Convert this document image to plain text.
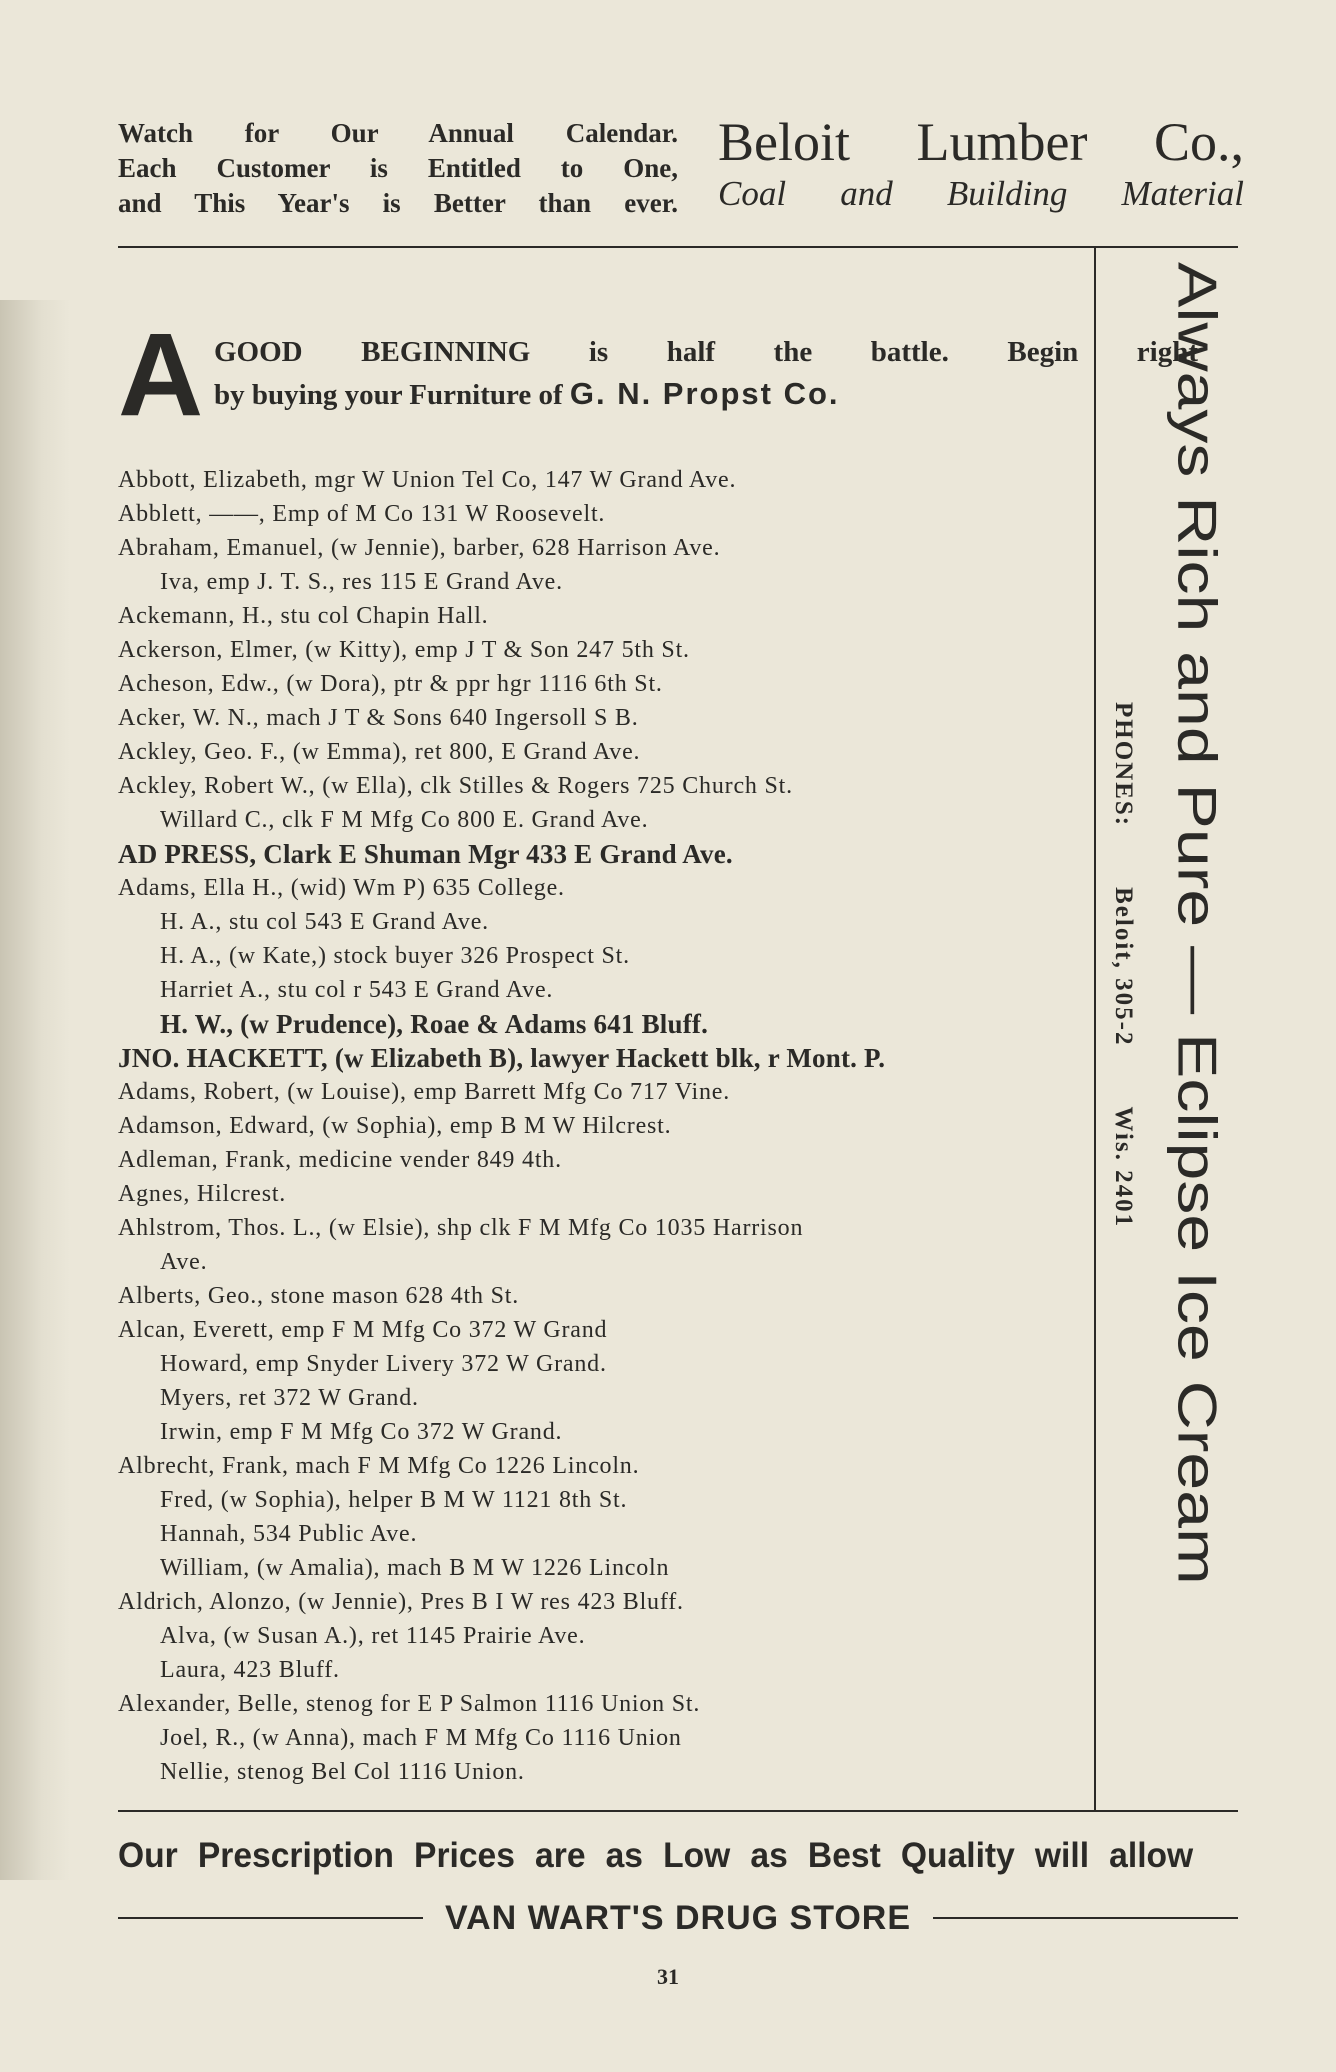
Watch for Our Annual Calendar.
Each Customer is Entitled to One,
and This Year's is Better than ever.
Beloit Lumber Co.,
Coal and Building Material
A GOOD BEGINNING is half the battle. Begin right
by buying your Furniture of G. N. Propst Co.
Abbott, Elizabeth, mgr W Union Tel Co, 147 W Grand Ave.
Abblett, ——, Emp of M Co 131 W Roosevelt.
Abraham, Emanuel, (w Jennie), barber, 628 Harrison Ave.
Iva, emp J. T. S., res 115 E Grand Ave.
Ackemann, H., stu col Chapin Hall.
Ackerson, Elmer, (w Kitty), emp J T & Son 247 5th St.
Acheson, Edw., (w Dora), ptr & ppr hgr 1116 6th St.
Acker, W. N., mach J T & Sons 640 Ingersoll S B.
Ackley, Geo. F., (w Emma), ret 800, E Grand Ave.
Ackley, Robert W., (w Ella), clk Stilles & Rogers 725 Church St.
Willard C., clk F M Mfg Co 800 E. Grand Ave.
AD PRESS, Clark E Shuman Mgr 433 E Grand Ave.
Adams, Ella H., (wid) Wm P) 635 College.
H. A., stu col 543 E Grand Ave.
H. A., (w Kate,) stock buyer 326 Prospect St.
Harriet A., stu col r 543 E Grand Ave.
H. W., (w Prudence), Roae & Adams 641 Bluff.
JNO. HACKETT, (w Elizabeth B), lawyer Hackett blk, r Mont. P.
Adams, Robert, (w Louise), emp Barrett Mfg Co 717 Vine.
Adamson, Edward, (w Sophia), emp B M W Hilcrest.
Adleman, Frank, medicine vender 849 4th.
Agnes, Hilcrest.
Ahlstrom, Thos. L., (w Elsie), shp clk F M Mfg Co 1035 Harrison
Ave.
Alberts, Geo., stone mason 628 4th St.
Alcan, Everett, emp F M Mfg Co 372 W Grand
Howard, emp Snyder Livery 372 W Grand.
Myers, ret 372 W Grand.
Irwin, emp F M Mfg Co 372 W Grand.
Albrecht, Frank, mach F M Mfg Co 1226 Lincoln.
Fred, (w Sophia), helper B M W 1121 8th St.
Hannah, 534 Public Ave.
William, (w Amalia), mach B M W 1226 Lincoln
Aldrich, Alonzo, (w Jennie), Pres B I W res 423 Bluff.
Alva, (w Susan A.), ret 1145 Prairie Ave.
Laura, 423 Bluff.
Alexander, Belle, stenog for E P Salmon 1116 Union St.
Joel, R., (w Anna), mach F M Mfg Co 1116 Union
Nellie, stenog Bel Col 1116 Union.
Always Rich and Pure — Eclipse Ice Cream
PHONES:Beloit, 305-2Wis. 2401
Our Prescription Prices are as Low as Best Quality will allow
VAN WART'S DRUG STORE
31
